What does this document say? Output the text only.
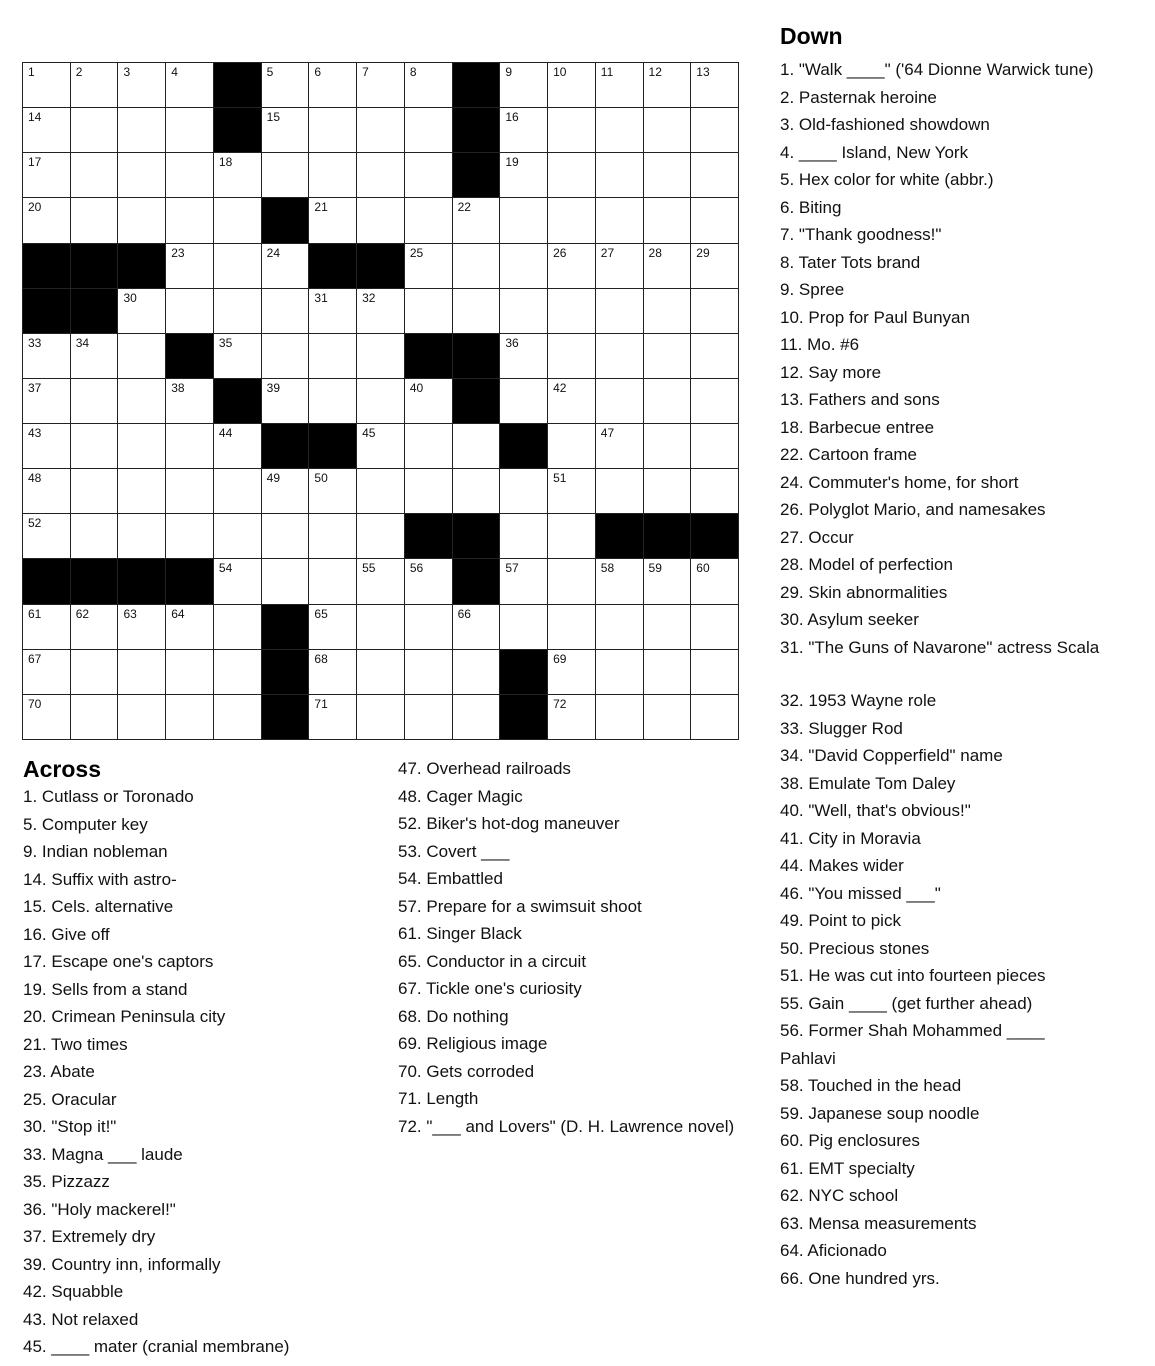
1	2	3	4	5	6	7	8	9	10	11	12	13
14	15	16
17	18	19
20	21	22
23	24	25	26	27	28	29
30	31	32
33	34	35	36
37	38	39	40	42
43	44	45	47
48	49	50	51
52
54	55	56	57	58	59	60
61	62	63	64	65	66
67	68	69
70	71	72
Down
1. "Walk ____" ('64 Dionne Warwick tune)
2. Pasternak heroine
3. Old-fashioned showdown
4. ____ Island, New York
5. Hex color for white (abbr.)
6. Biting
7. "Thank goodness!"
8. Tater Tots brand
9. Spree
10. Prop for Paul Bunyan
11. Mo. #6
12. Say more
13. Fathers and sons
18. Barbecue entree
22. Cartoon frame
24. Commuter's home, for short
26. Polyglot Mario, and namesakes
27. Occur
28. Model of perfection
29. Skin abnormalities
30. Asylum seeker
31. "The Guns of Navarone" actress Scala
32. 1953 Wayne role
33. Slugger Rod
34. "David Copperfield" name
38. Emulate Tom Daley
40. "Well, that's obvious!"
41. City in Moravia
44. Makes wider
46. "You missed ___"
49. Point to pick
50. Precious stones
51. He was cut into fourteen pieces
55. Gain ____ (get further ahead)
56. Former Shah Mohammed ____ Pahlavi
58. Touched in the head
59. Japanese soup noodle
60. Pig enclosures
61. EMT specialty
62. NYC school
63. Mensa measurements
64. Aficionado
66. One hundred yrs.
Across
1. Cutlass or Toronado
5. Computer key
9. Indian nobleman
14. Suffix with astro-
15. Cels. alternative
16. Give off
17. Escape one's captors
19. Sells from a stand
20. Crimean Peninsula city
21. Two times
23. Abate
25. Oracular
30. "Stop it!"
33. Magna ___ laude
35. Pizzazz
36. "Holy mackerel!"
37. Extremely dry
39. Country inn, informally
42. Squabble
43. Not relaxed
45. ____ mater (cranial membrane)
47. Overhead railroads
48. Cager Magic
52. Biker's hot-dog maneuver
53. Covert ___
54. Embattled
57. Prepare for a swimsuit shoot
61. Singer Black
65. Conductor in a circuit
67. Tickle one's curiosity
68. Do nothing
69. Religious image
70. Gets corroded
71. Length
72. "___ and Lovers" (D. H. Lawrence novel)
